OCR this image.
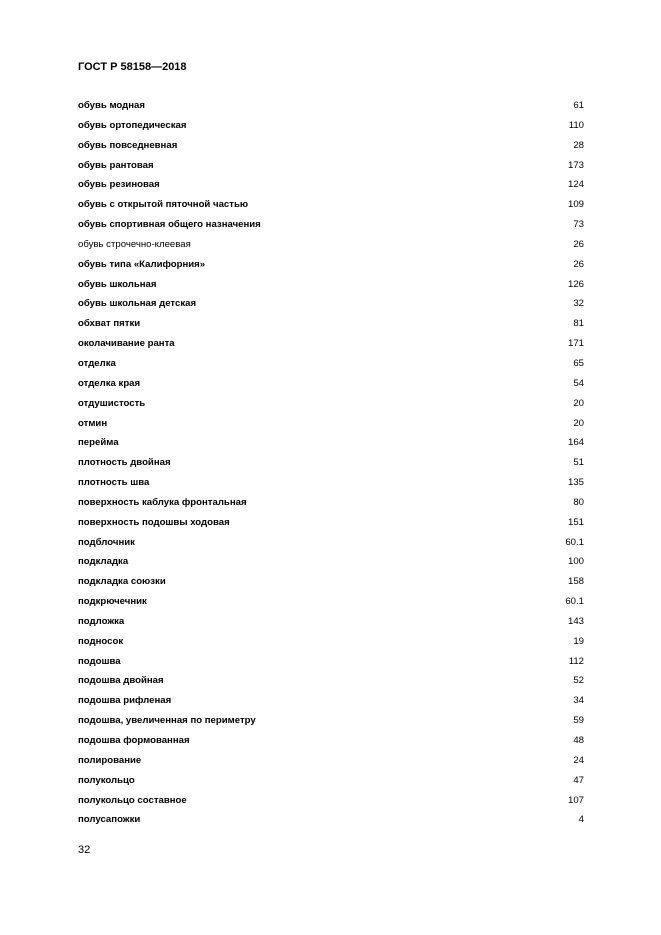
ГОСТ Р 58158—2018
обувь модная	61
обувь ортопедическая	110
обувь повседневная	28
обувь рантовая	173
обувь резиновая	124
обувь с открытой пяточной частью	109
обувь спортивная общего назначения	73
обувь строчечно-клеевая	26
обувь типа «Калифорния»	26
обувь школьная	126
обувь школьная детская	32
обхват пятки	81
околачивание ранта	171
отделка	65
отделка края	54
отдушистость	20
отмин	20
перейма	164
плотность двойная	51
плотность шва	135
поверхность каблука фронтальная	80
поверхность подошвы ходовая	151
подблочник	60.1
подкладка	100
подкладка союзки	158
подкрючечник	60.1
подложка	143
подносок	19
подошва	112
подошва двойная	52
подошва рифленая	34
подошва, увеличенная по периметру	59
подошва формованная	48
полирование	24
полукольцо	47
полукольцо составное	107
полусапожки	4
32
